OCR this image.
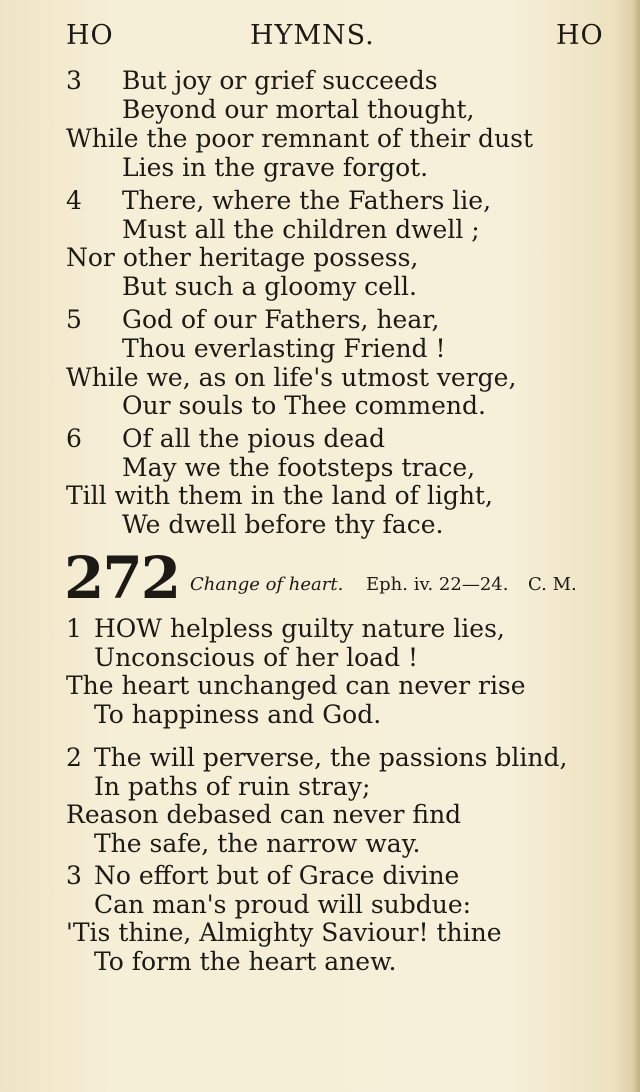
HO	HYMNS.	HO
3 But joy or grief succeeds
Beyond our mortal thought,
While the poor remnant of their dust
Lies in the grave forgot.
4 There, where the Fathers lie,
Must all the children dwell ;
Nor other heritage possess,
But such a gloomy cell.
5 God of our Fathers, hear,
Thou everlasting Friend !
While we, as on life's utmost verge,
Our souls to Thee commend.
6 Of all the pious dead
May we the footsteps trace,
Till with them in the land of light,
We dwell before thy face.
272 Change of heart. Eph. iv. 22—24. C. M.
1 HOW helpless guilty nature lies,
Unconscious of her load !
The heart unchanged can never rise
To happiness and God.
2 The will perverse, the passions blind,
In paths of ruin stray;
Reason debased can never find
The safe, the narrow way.
3 No effort but of Grace divine
Can man's proud will subdue:
'Tis thine, Almighty Saviour! thine
To form the heart anew.
